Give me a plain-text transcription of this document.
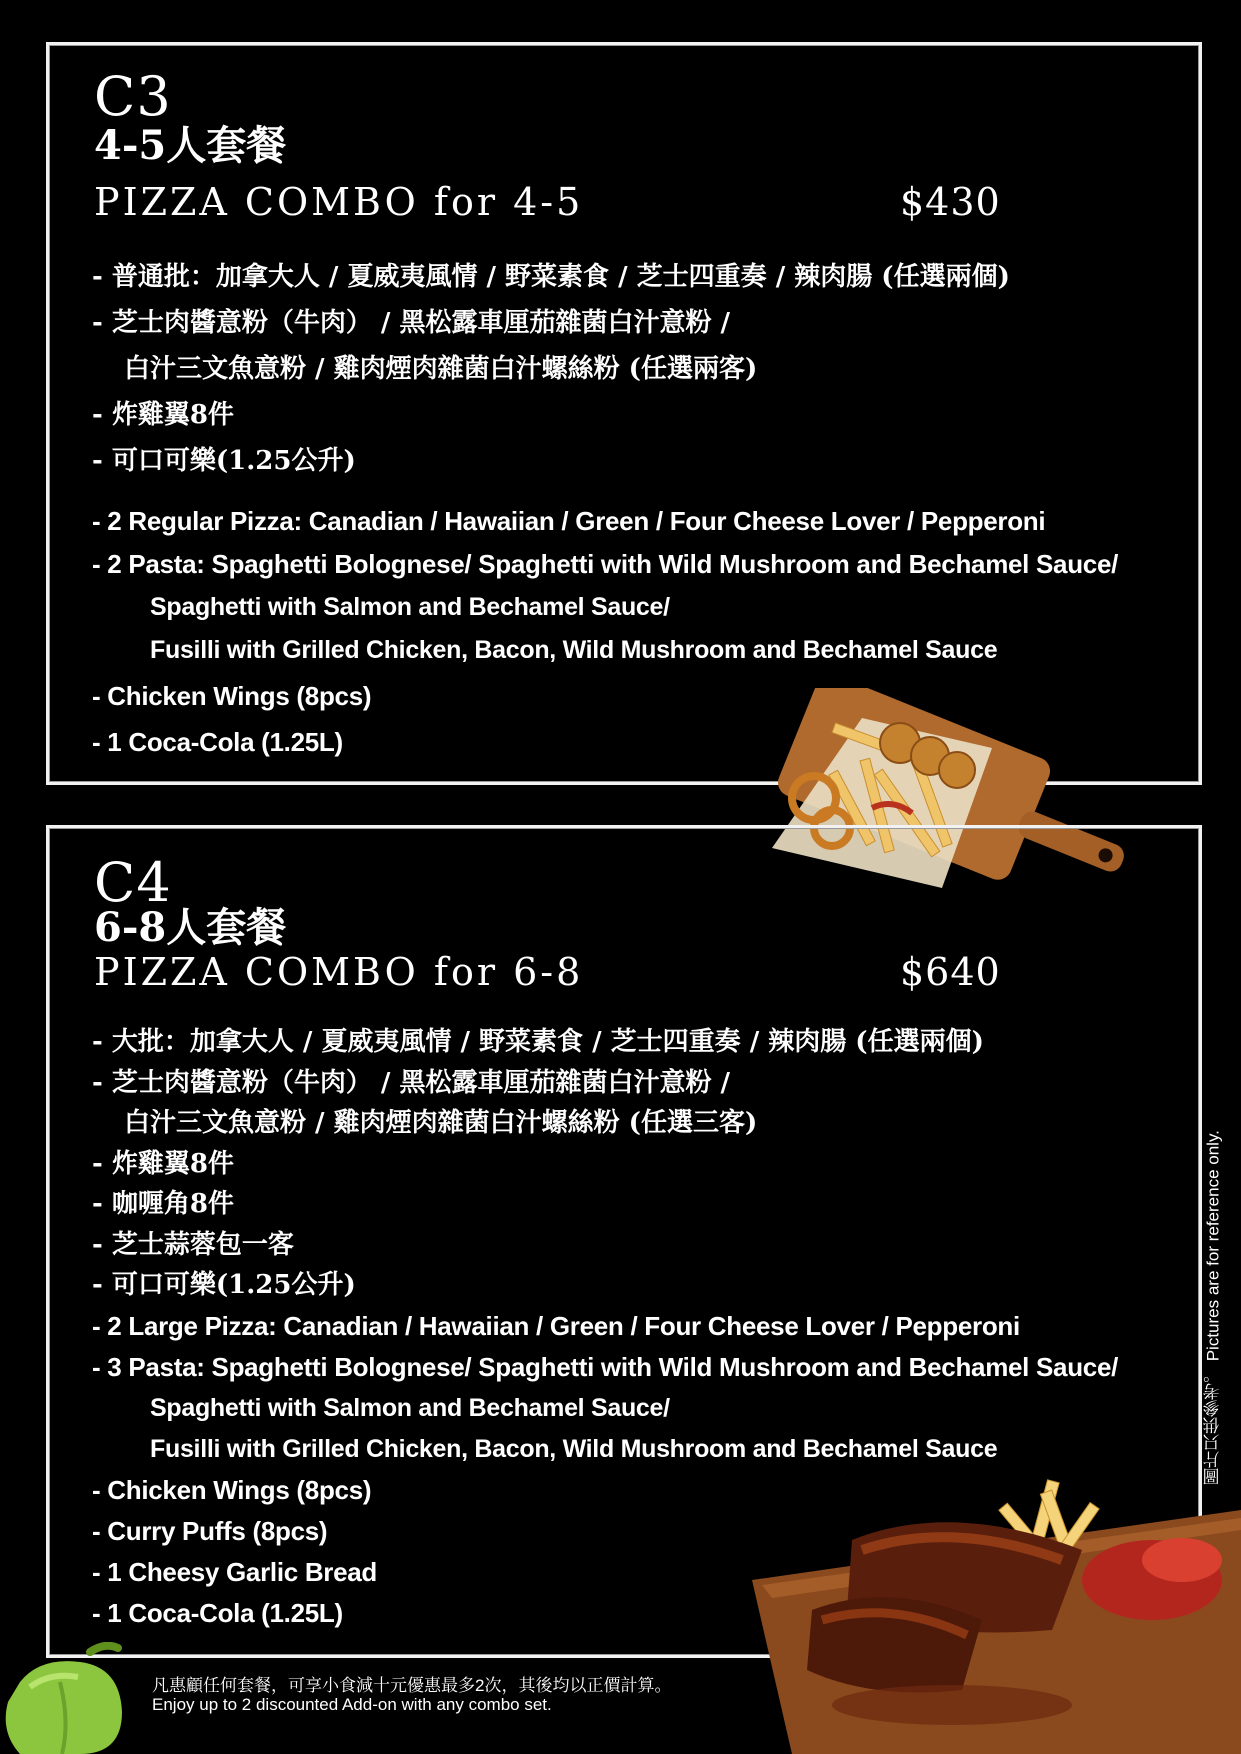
C3
4-5人套餐
PIZZA COMBO for 4-5	$430
- 普通批：加拿大人 / 夏威夷風情 / 野菜素食 / 芝士四重奏 / 辣肉腸 (任選兩個)
- 芝士肉醬意粉（牛肉） / 黑松露車厘茄雜菌白汁意粉 /
白汁三文魚意粉 / 雞肉煙肉雜菌白汁螺絲粉 (任選兩客)
- 炸雞翼8件
- 可口可樂(1.25公升)
- 2 Regular Pizza: Canadian / Hawaiian / Green / Four Cheese Lover / Pepperoni
- 2 Pasta: Spaghetti Bolognese/ Spaghetti with Wild Mushroom and Bechamel Sauce/
Spaghetti with Salmon and Bechamel Sauce/
Fusilli with Grilled Chicken, Bacon, Wild Mushroom and Bechamel Sauce
- Chicken Wings (8pcs)
- 1 Coca-Cola (1.25L)
C4
6-8人套餐
PIZZA COMBO for 6-8	$640
- 大批：加拿大人 / 夏威夷風情 / 野菜素食 / 芝士四重奏 / 辣肉腸 (任選兩個)
- 芝士肉醬意粉（牛肉） / 黑松露車厘茄雜菌白汁意粉 /
白汁三文魚意粉 / 雞肉煙肉雜菌白汁螺絲粉 (任選三客)
- 炸雞翼8件
- 咖喱角8件
- 芝士蒜蓉包一客
- 可口可樂(1.25公升)
- 2 Large Pizza: Canadian / Hawaiian / Green / Four Cheese Lover / Pepperoni
- 3 Pasta: Spaghetti Bolognese/ Spaghetti with Wild Mushroom and Bechamel Sauce/
Spaghetti with Salmon and Bechamel Sauce/
Fusilli with Grilled Chicken, Bacon, Wild Mushroom and Bechamel Sauce
- Chicken Wings (8pcs)
- Curry Puffs (8pcs)
- 1 Cheesy Garlic Bread
- 1 Coca-Cola (1.25L)
圖片只供參考。 Pictures are for reference only.
凡惠顧任何套餐，可享小食減十元優惠最多2次，其後均以正價計算。
Enjoy up to 2 discounted Add-on with any combo set.
